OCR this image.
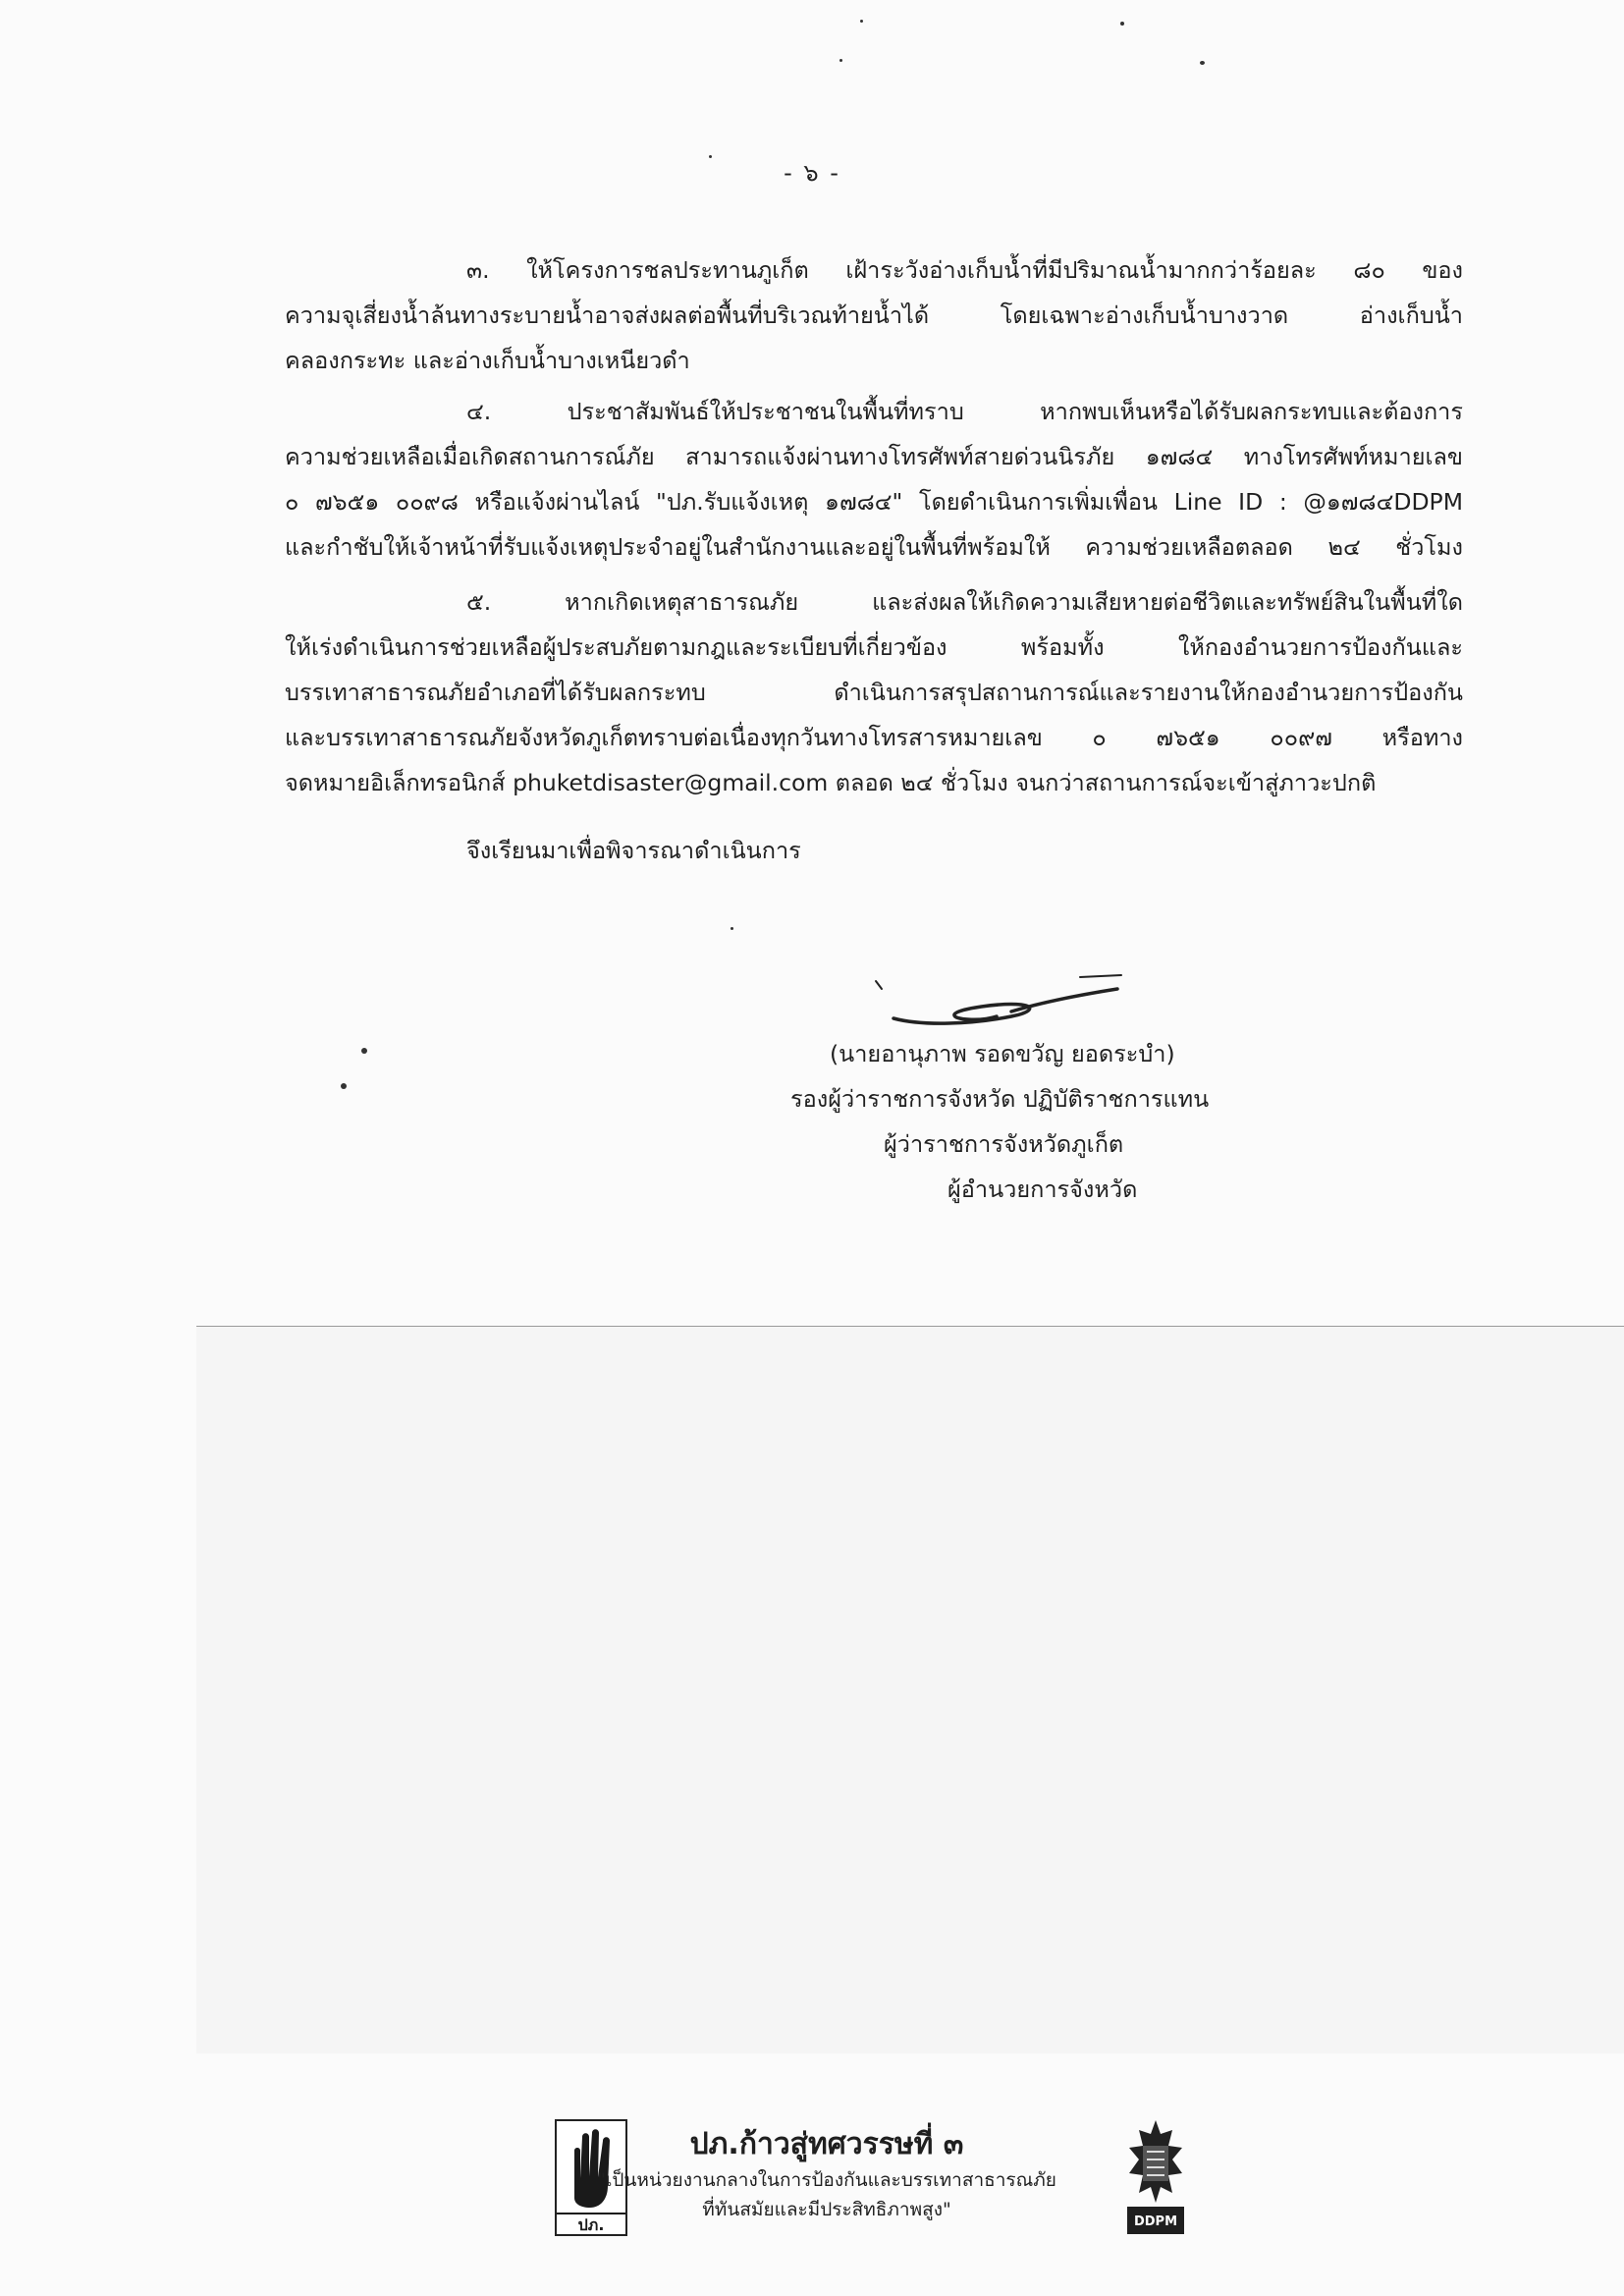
- ๖ -
๓. ให้โครงการชลประทานภูเก็ต เฝ้าระวังอ่างเก็บน้ำที่มีปริมาณน้ำมากกว่าร้อยละ ๘๐ ของ
ความจุเสี่ยงน้ำล้นทางระบายน้ำอาจส่งผลต่อพื้นที่บริเวณท้ายน้ำได้ โดยเฉพาะอ่างเก็บน้ำบางวาด อ่างเก็บน้ำ
คลองกระทะ และอ่างเก็บน้ำบางเหนียวดำ
๔. ประชาสัมพันธ์ให้ประชาชนในพื้นที่ทราบ หากพบเห็นหรือได้รับผลกระทบและต้องการ
ความช่วยเหลือเมื่อเกิดสถานการณ์ภัย สามารถแจ้งผ่านทางโทรศัพท์สายด่วนนิรภัย ๑๗๘๔ ทางโทรศัพท์หมายเลข
๐ ๗๖๕๑ ๐๐๙๘ หรือแจ้งผ่านไลน์ "ปภ.รับแจ้งเหตุ ๑๗๘๔" โดยดำเนินการเพิ่มเพื่อน Line ID : @๑๗๘๔DDPM
และกำชับให้เจ้าหน้าที่รับแจ้งเหตุประจำอยู่ในสำนักงานและอยู่ในพื้นที่พร้อมให้ ความช่วยเหลือตลอด ๒๔ ชั่วโมง
๕. หากเกิดเหตุสาธารณภัย และส่งผลให้เกิดความเสียหายต่อชีวิตและทรัพย์สินในพื้นที่ใด
ให้เร่งดำเนินการช่วยเหลือผู้ประสบภัยตามกฎและระเบียบที่เกี่ยวข้อง พร้อมทั้ง ให้กองอำนวยการป้องกันและ
บรรเทาสาธารณภัยอำเภอที่ได้รับผลกระทบ ดำเนินการสรุปสถานการณ์และรายงานให้กองอำนวยการป้องกัน
และบรรเทาสาธารณภัยจังหวัดภูเก็ตทราบต่อเนื่องทุกวันทางโทรสารหมายเลข ๐ ๗๖๕๑ ๐๐๙๗ หรือทาง
จดหมายอิเล็กทรอนิกส์ phuketdisaster@gmail.com ตลอด ๒๔ ชั่วโมง จนกว่าสถานการณ์จะเข้าสู่ภาวะปกติ
จึงเรียนมาเพื่อพิจารณาดำเนินการ
(นายอานุภาพ รอดขวัญ ยอดระบำ)
รองผู้ว่าราชการจังหวัด ปฏิบัติราชการแทน
ผู้ว่าราชการจังหวัดภูเก็ต
ผู้อำนวยการจังหวัด
ปภ.
ปภ.ก้าวสู่ทศวรรษที่ ๓
"เป็นหน่วยงานกลางในการป้องกันและบรรเทาสาธารณภัย
ที่ทันสมัยและมีประสิทธิภาพสูง"
DDPM
